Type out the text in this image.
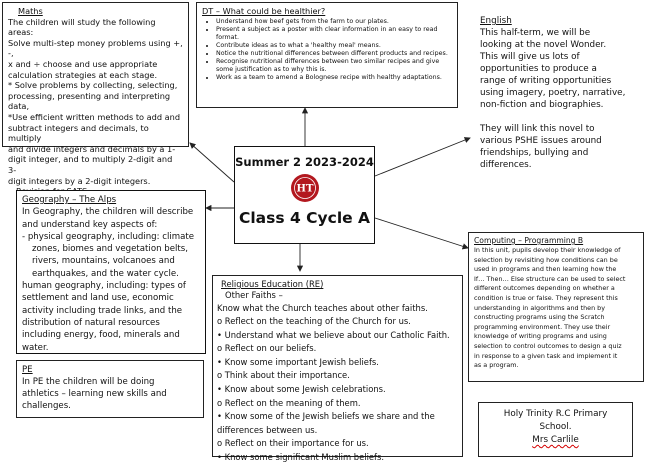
Maths

The children will study the following

areas:

Solve multi-step money problems using +, -,

x and ÷ choose and use appropriate

calculation strategies at each stage.

* Solve problems by collecting, selecting,

processing, presenting and interpreting

data,

*Use efficient written methods to add and

subtract integers and decimals, to multiply

and divide integers and decimals by a 1-

digit integer, and to multiply 2-digit and 3-

digit integers by a 2-digit integers.

DT – What could be healthier?

• Understand how beef gets from the farm to our plates.
• Present a subject as a poster with clear information in an easy to read format.
• Contribute ideas as to what a 'healthy meal' means.
• Notice the nutritional differences between different products and recipes.
• Recognise nutritional differences between two similar recipes and give some justification as to why this is.
• Work as a team to amend a Bolognese recipe with healthy adaptations.

English

This half-term, we will be

looking at the novel Wonder.

This will give us lots of

opportunities to produce a

range of writing opportunities

using imagery, poetry, narrative,

non-fiction and biographies.

They will link this novel to

various PSHE issues around

friendships, bullying and

differences.

Summer 2 2023-2024

HT

Class 4 Cycle A

Geography – The Alps

In Geography, the children will describe

and understand key aspects of:

- physical geography, including: climate

zones, biomes and vegetation belts,

rivers, mountains, volcanoes and

earthquakes, and the water cycle.

human geography, including: types of

settlement and land use, economic

activity including trade links, and the

distribution of natural resources

including energy, food, minerals and

water.

Computing – Programming B

In this unit, pupils develop their knowledge of

selection by revisiting how conditions can be

used in programs and then learning how the

If… Then… Else structure can be used to select

different outcomes depending on whether a

condition is true or false. They represent this

understanding in algorithms and then by

constructing programs using the Scratch

programming environment. They use their

knowledge of writing programs and using

selection to control outcomes to design a quiz

in response to a given task and implement it

as a program.

Religious Education (RE)

Other Faiths –

Know what the Church teaches about other faiths.

o Reflect on the teaching of the Church for us.

• Understand what we believe about our Catholic Faith.

o Reflect on our beliefs.

• Know some important Jewish beliefs.

o Think about their importance.

• Know about some Jewish celebrations.

o Reflect on the meaning of them.

• Know some of the Jewish beliefs we share and the

differences between us.

o Reflect on their importance for us.

• Know some significant Muslim beliefs.

PE

In PE the children will be doing

athletics – learning new skills and

challenges.

Holy Trinity R.C Primary

School.

Mrs Carlile
